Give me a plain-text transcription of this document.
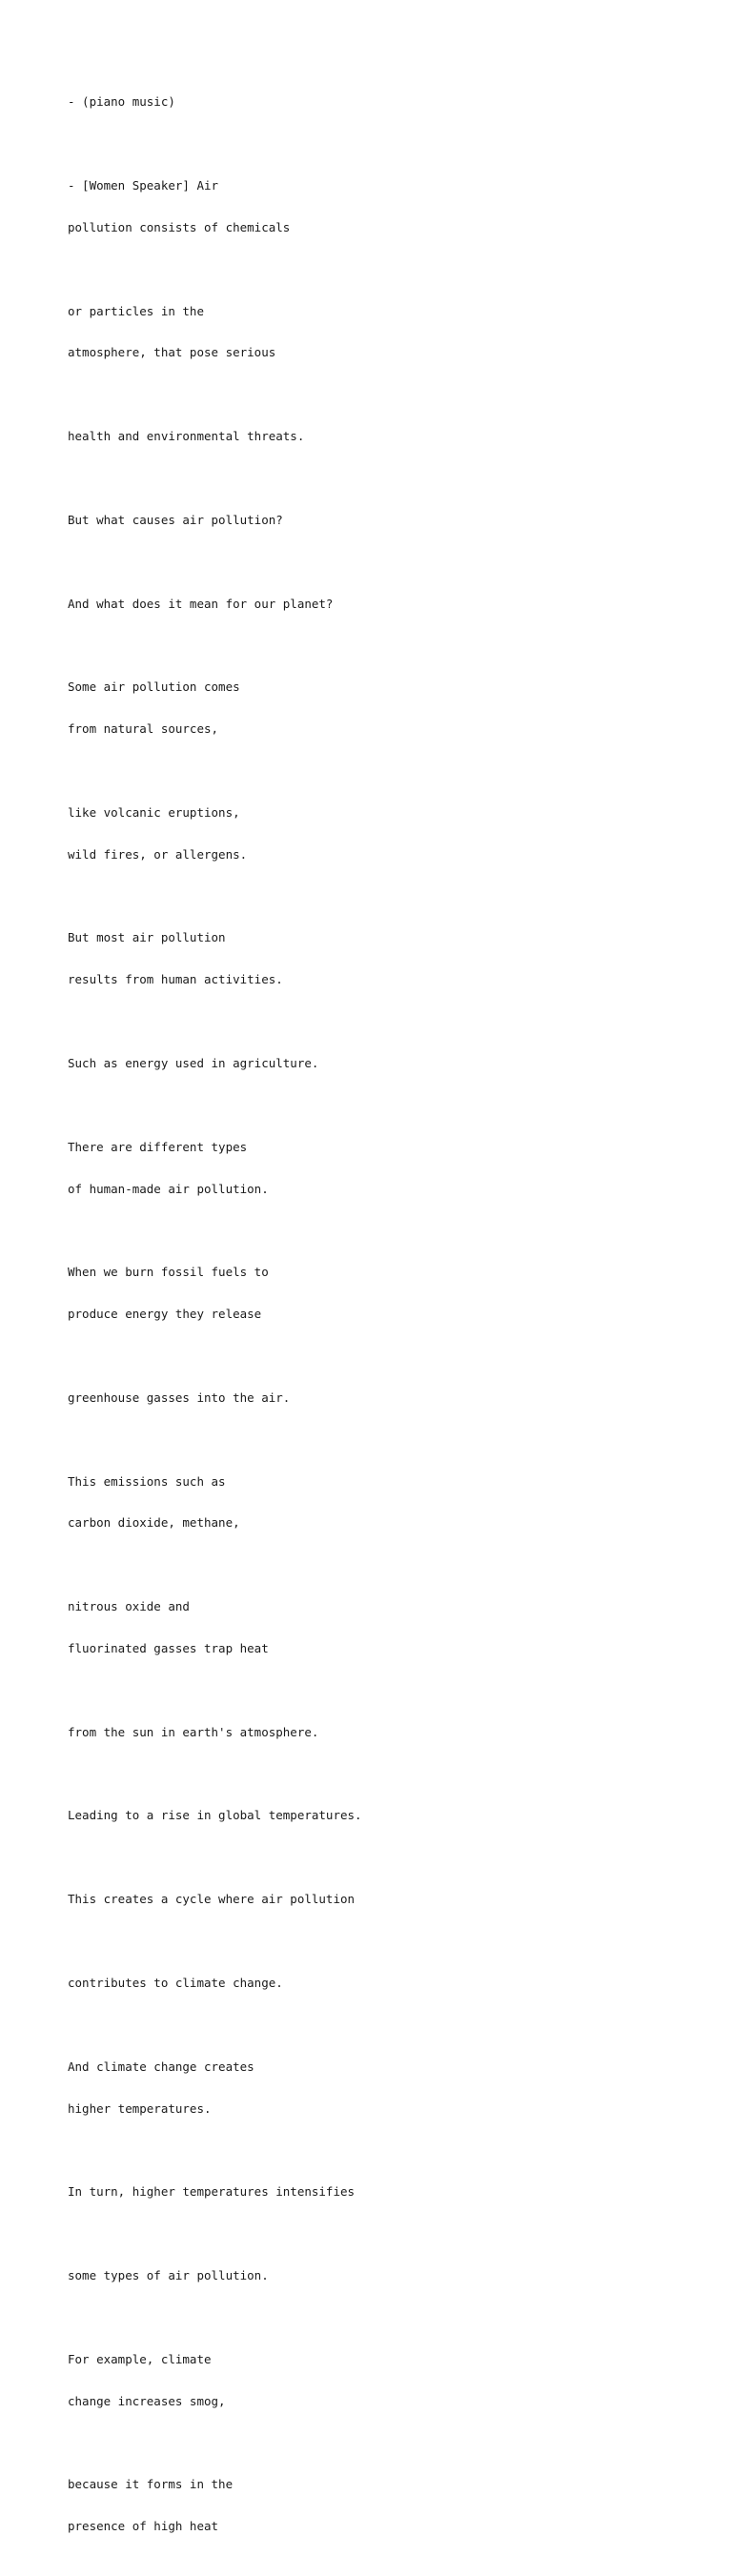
- (piano music)

- [Women Speaker] Air

pollution consists of chemicals

or particles in the

atmosphere, that pose serious

health and environmental threats.

But what causes air pollution?

And what does it mean for our planet?

Some air pollution comes

from natural sources,

like volcanic eruptions,

wild fires, or allergens.

But most air pollution

results from human activities.

Such as energy used in agriculture.

There are different types

of human-made air pollution.

When we burn fossil fuels to

produce energy they release

greenhouse gasses into the air.

This emissions such as

carbon dioxide, methane,

nitrous oxide and

fluorinated gasses trap heat

from the sun in earth's atmosphere.

Leading to a rise in global temperatures.

This creates a cycle where air pollution

contributes to climate change.

And climate change creates

higher temperatures.

In turn, higher temperatures intensifies

some types of air pollution.

For example, climate

change increases smog,

because it forms in the

presence of high heat
